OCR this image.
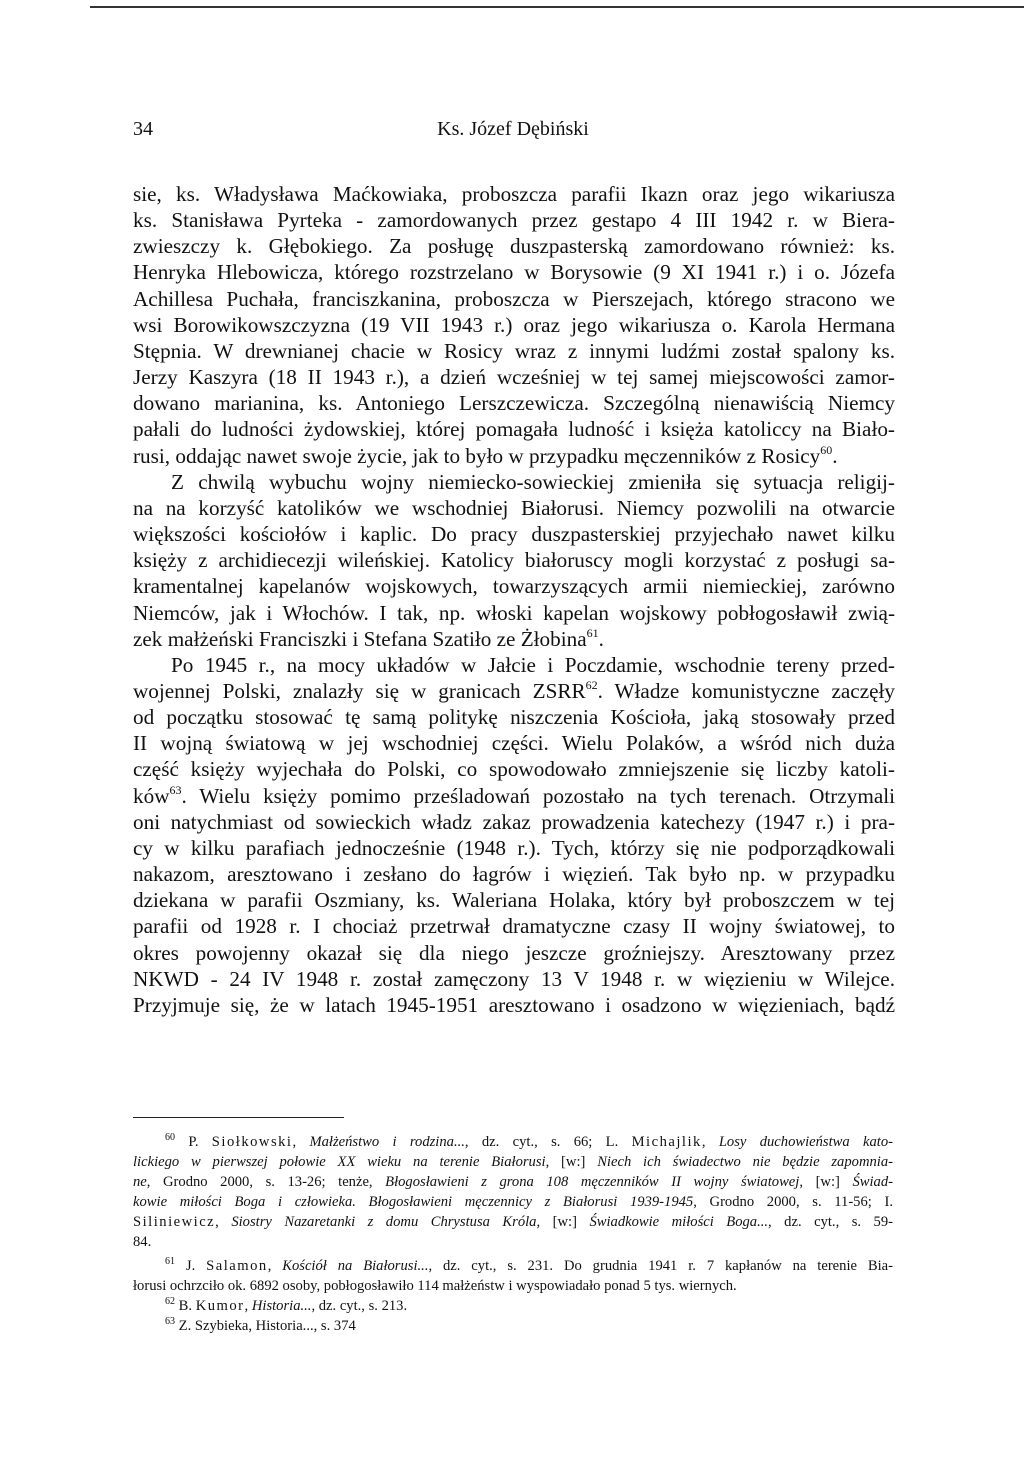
34	Ks. Józef Dębiński
sie, ks. Władysława Maćkowiaka, proboszcza parafii Ikazn oraz jego wikariusza
ks. Stanisława Pyrteka - zamordowanych przez gestapo 4 III 1942 r. w Biera-
zwieszczy k. Głębokiego. Za posługę duszpasterską zamordowano również: ks.
Henryka Hlebowicza, którego rozstrzelano w Borysowie (9 XI 1941 r.) i o. Józefa
Achillesa Puchała, franciszkanina, proboszcza w Pierszejach, którego stracono we
wsi Borowikowszczyzna (19 VII 1943 r.) oraz jego wikariusza o. Karola Hermana
Stępnia. W drewnianej chacie w Rosicy wraz z innymi ludźmi został spalony ks.
Jerzy Kaszyra (18 II 1943 r.), a dzień wcześniej w tej samej miejscowości zamor-
dowano marianina, ks. Antoniego Lerszczewicza. Szczególną nienawiścią Niemcy
pałali do ludności żydowskiej, której pomagała ludność i księża katoliccy na Biało-
rusi, oddając nawet swoje życie, jak to było w przypadku męczenników z Rosicy$^{60}$.
Z chwilą wybuchu wojny niemiecko-sowieckiej zmieniła się sytuacja religij-
na na korzyść katolików we wschodniej Białorusi. Niemcy pozwolili na otwarcie
większości kościołów i kaplic. Do pracy duszpasterskiej przyjechało nawet kilku
księży z archidiecezji wileńskiej. Katolicy białoruscy mogli korzystać z posługi sa-
kramentalnej kapelanów wojskowych, towarzyszących armii niemieckiej, zarówno
Niemców, jak i Włochów. I tak, np. włoski kapelan wojskowy pobłogosławił zwią-
zek małżeński Franciszki i Stefana Szatiło ze Żłobina$^{61}$.
Po 1945 r., na mocy układów w Jałcie i Poczdamie, wschodnie tereny przed-
wojennej Polski, znalazły się w granicach ZSRR$^{62}$. Władze komunistyczne zaczęły
od początku stosować tę samą politykę niszczenia Kościoła, jaką stosowały przed
II wojną światową w jej wschodniej części. Wielu Polaków, a wśród nich duża
część księży wyjechała do Polski, co spowodowało zmniejszenie się liczby katoli-
ków$^{63}$. Wielu księży pomimo prześladowań pozostało na tych terenach. Otrzymali
oni natychmiast od sowieckich władz zakaz prowadzenia katechezy (1947 r.) i pra-
cy w kilku parafiach jednocześnie (1948 r.). Tych, którzy się nie podporządkowali
nakazom, aresztowano i zesłano do łagrów i więzień. Tak było np. w przypadku
dziekana w parafii Oszmiany, ks. Waleriana Holaka, który był proboszczem w tej
parafii od 1928 r. I chociaż przetrwał dramatyczne czasy II wojny światowej, to
okres powojenny okazał się dla niego jeszcze groźniejszy. Aresztowany przez
NKWD - 24 IV 1948 r. został zamęczony 13 V 1948 r. w więzieniu w Wilejce.
Przyjmuje się, że w latach 1945-1951 aresztowano i osadzono w więzieniach, bądź
$^{60}$ P. Siołkowski, Małżeństwo i rodzina..., dz. cyt., s. 66; L. Michajlik, Losy duchowieństwa kato-
lickiego w pierwszej połowie XX wieku na terenie Białorusi, [w:] Niech ich świadectwo nie będzie zapomnia-
ne, Grodno 2000, s. 13-26; tenże, Błogosławieni z grona 108 męczenników II wojny światowej, [w:] Świad-
kowie miłości Boga i człowieka. Błogosławieni męczennicy z Białorusi 1939-1945, Grodno 2000, s. 11-56; I.
Siliniewicz, Siostry Nazaretanki z domu Chrystusa Króla, [w:] Świadkowie miłości Boga..., dz. cyt., s. 59-
84.
$^{61}$ J. Salamon, Kościół na Białorusi..., dz. cyt., s. 231. Do grudnia 1941 r. 7 kapłanów na terenie Bia-
łorusi ochrzciło ok. 6892 osoby, pobłogosławiło 114 małżeństw i wyspowiadało ponad 5 tys. wiernych.
$^{62}$ B. Kumor, Historia..., dz. cyt., s. 213.
$^{63}$ Z. Szybieka, Historia..., s. 374
